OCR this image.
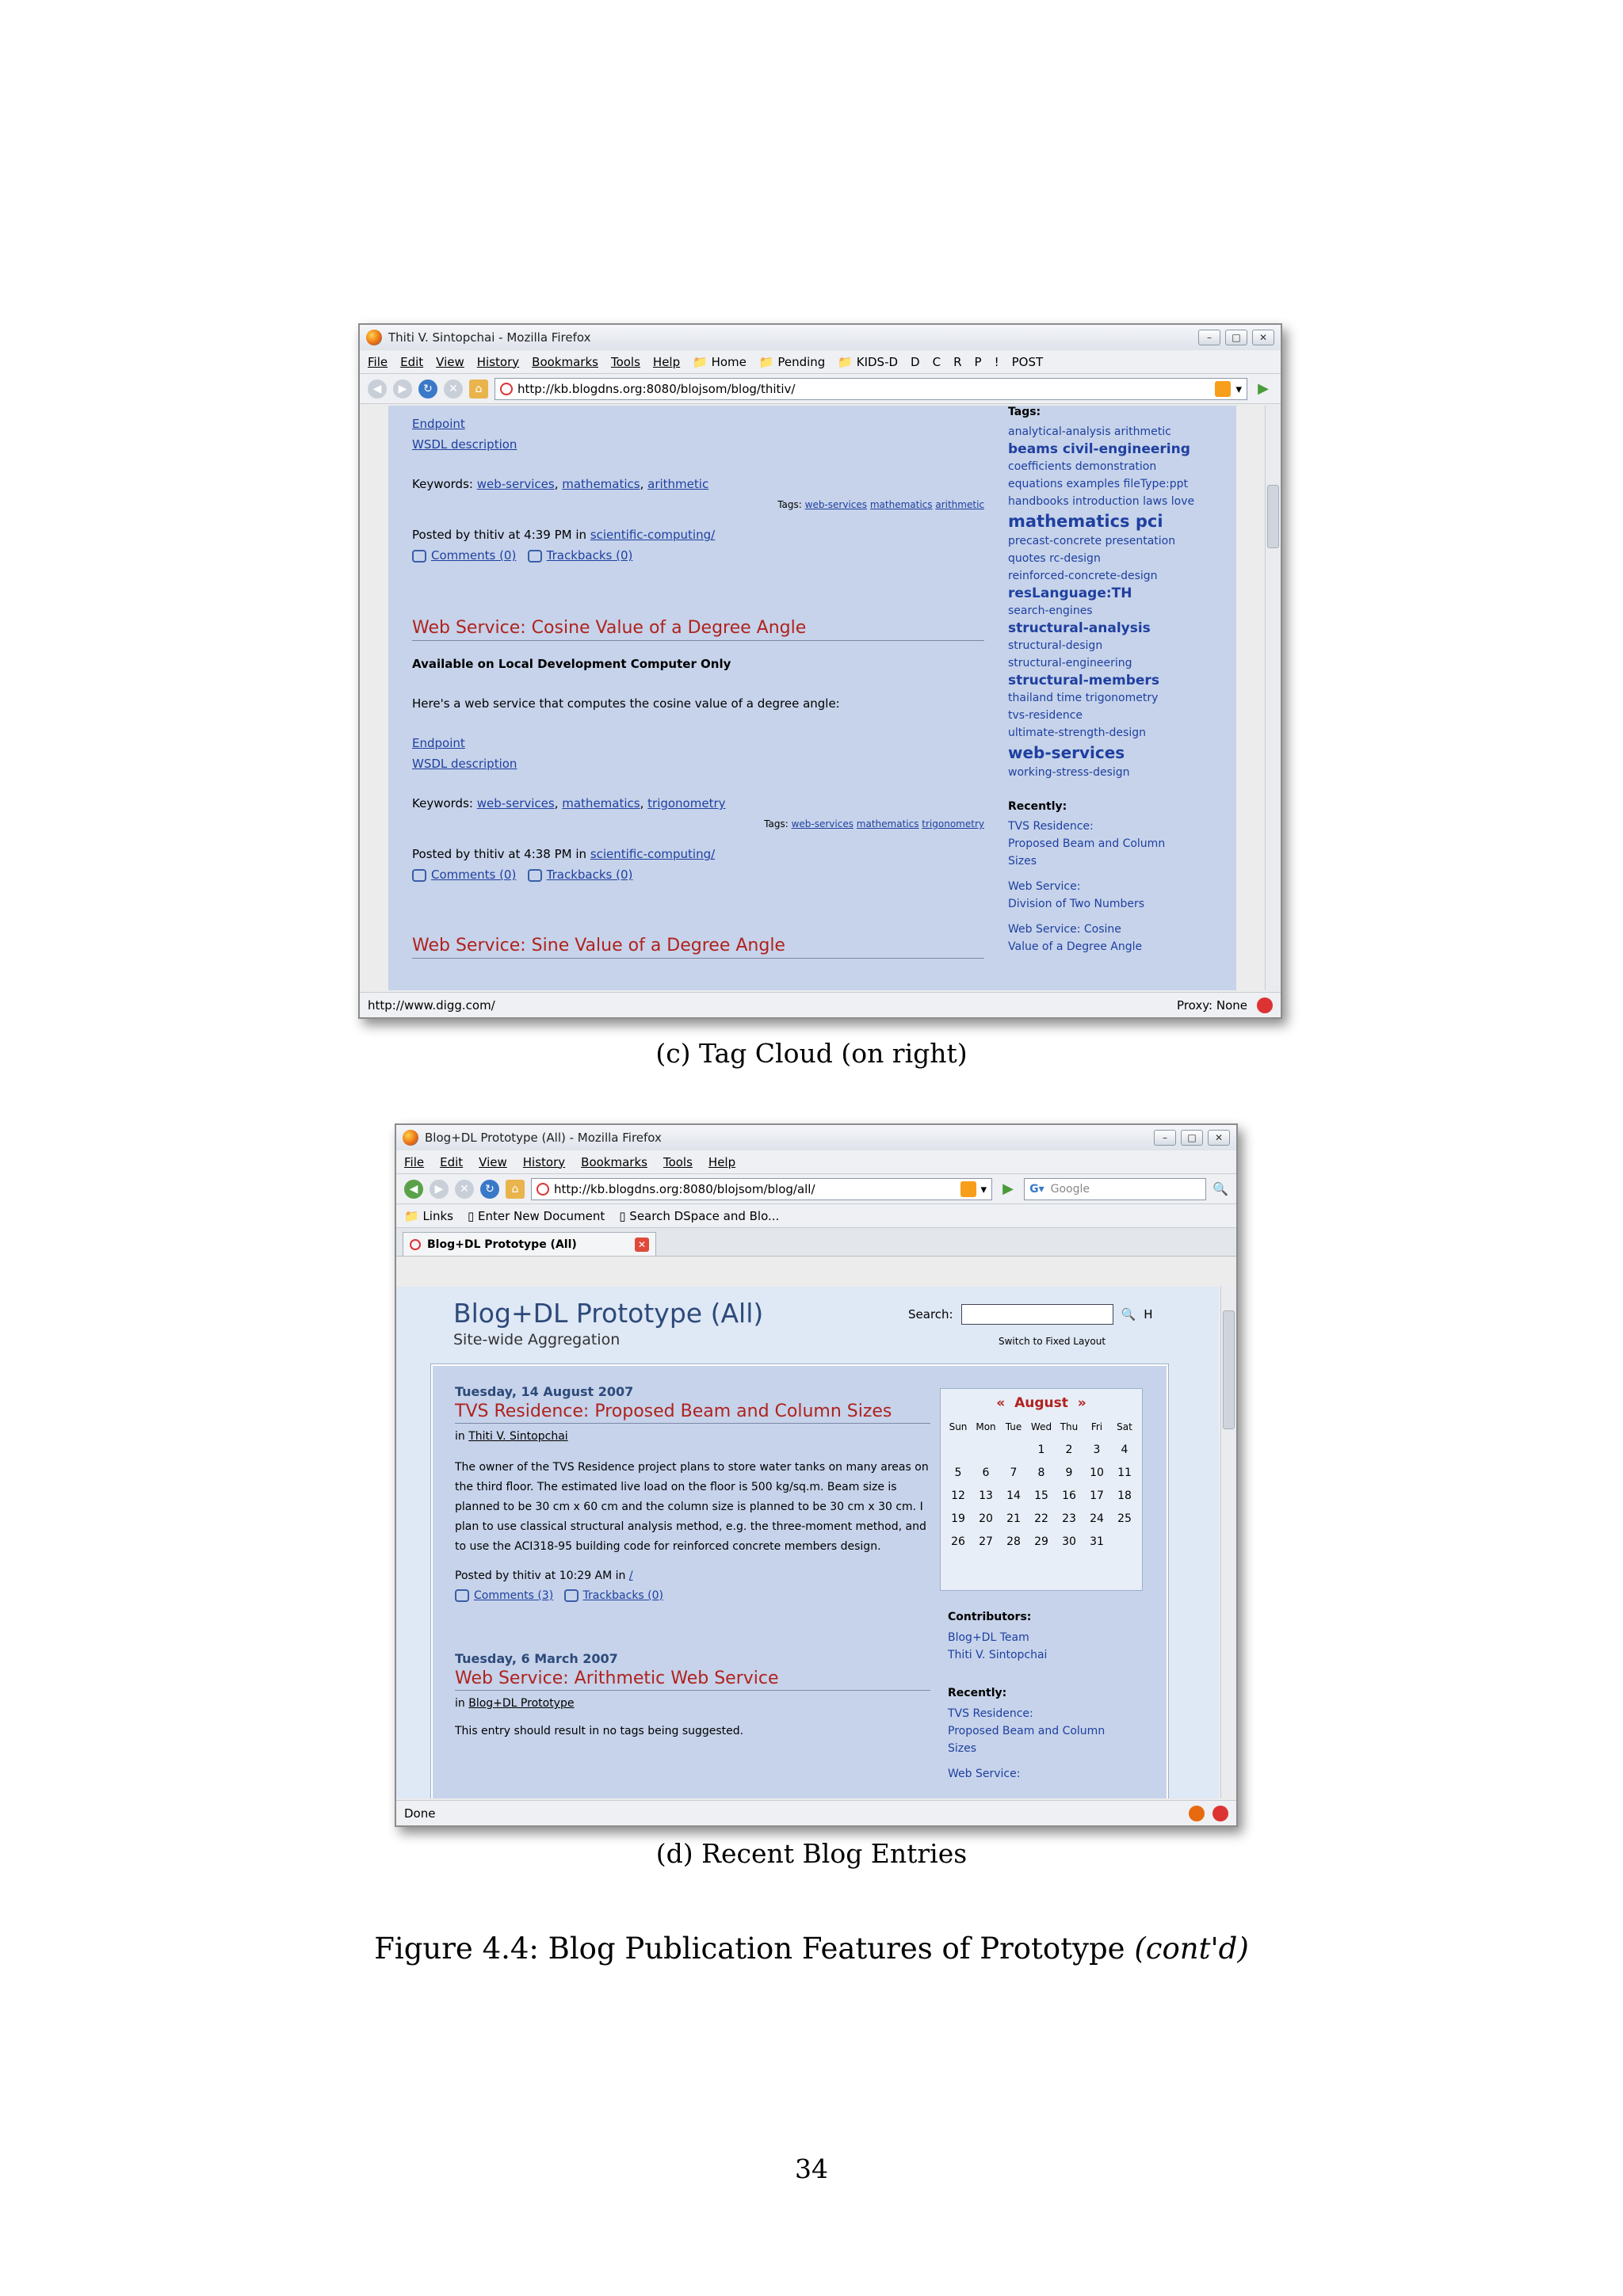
Thiti V. Sintopchai - Mozilla Firefox	–	□	✕
File Edit View History Bookmarks Tools Help 📁 Home 📁 Pending 📁 KIDS-D D C R P ! POST
◀	▶	↻	✕	⌂	http://kb.blogdns.org:8080/blojsom/blog/thitiv/	▾ ▶
Endpoint
WSDL description
Keywords: web-services, mathematics, arithmetic
Tags: web-services mathematics arithmetic
Posted by thitiv at 4:39 PM in scientific-computing/
Comments (0)	Trackbacks (0)
Web Service: Cosine Value of a Degree Angle
Available on Local Development Computer Only
Here's a web service that computes the cosine value of a degree angle:
Endpoint
WSDL description
Keywords: web-services, mathematics, trigonometry
Tags: web-services mathematics trigonometry
Posted by thitiv at 4:38 PM in scientific-computing/
Comments (0)	Trackbacks (0)
Web Service: Sine Value of a Degree Angle
Tags:
analytical-analysis arithmetic
beams civil-engineering
coefficients demonstration
equations examples fileType:ppt
handbooks introduction laws love
mathematics pci
precast-concrete presentation
quotes rc-design
reinforced-concrete-design
resLanguage:TH
search-engines
structural-analysis
structural-design
structural-engineering
structural-members
thailand time trigonometry
tvs-residence
ultimate-strength-design
web-services
working-stress-design
Recently:
TVS Residence:
Proposed Beam and Column
Sizes
Web Service:
Division of Two Numbers
Web Service: Cosine
Value of a Degree Angle
http://www.digg.com/	Proxy: None
(c) Tag Cloud (on right)
Blog+DL Prototype (All) - Mozilla Firefox	–	□	✕
File Edit View History Bookmarks Tools Help
◀	▶	✕	↻	⌂	http://kb.blogdns.org:8080/blojsom/blog/all/	▾ ▶	G▾ Google	🔍
📁 Links ▯ Enter New Document ▯ Search DSpace and Blo...
Blog+DL Prototype (All)	✕
Blog+DL Prototype (All)
Site-wide Aggregation
Search:	🔍 H
Switch to Fixed Layout
Tuesday, 14 August 2007
TVS Residence: Proposed Beam and Column Sizes
in Thiti V. Sintopchai
The owner of the TVS Residence project plans to store water tanks on many areas on the third floor. The estimated live load on the floor is 500 kg/sq.m. Beam size is planned to be 30 cm x 60 cm and the column size is planned to be 30 cm x 30 cm. I plan to use classical structural analysis method, e.g. the three-moment method, and to use the ACI318-95 building code for reinforced concrete members design.
Posted by thitiv at 10:29 AM in /
Comments (3)	Trackbacks (0)
Tuesday, 6 March 2007
Web Service: Arithmetic Web Service
in Blog+DL Prototype
This entry should result in no tags being suggested.
« August »
Sun	Mon	Tue	Wed	Thu	Fri	Sat
			1	2	3	4
5	6	7	8	9	10	11
12	13	14	15	16	17	18
19	20	21	22	23	24	25
26	27	28	29	30	31	
Contributors:
Blog+DL Team
Thiti V. Sintopchai
Recently:
TVS Residence:
Proposed Beam and Column
Sizes
Web Service:
Done
(d) Recent Blog Entries
Figure 4.4: Blog Publication Features of Prototype (cont'd)
34
